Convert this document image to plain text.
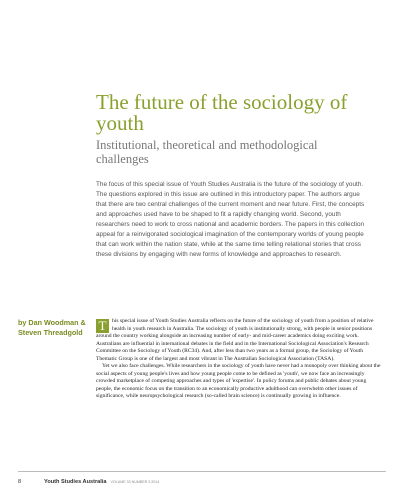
The future of the sociology of youth
Institutional, theoretical and methodological challenges

The focus of this special issue of Youth Studies Australia is the future of the sociology of youth. The questions explored in this issue are outlined in this introductory paper. The authors argue that there are two central challenges of the current moment and near future. First, the concepts and approaches used have to be shaped to fit a rapidly changing world. Second, youth researchers need to work to cross national and academic borders. The papers in this collection appeal for a reinvigorated sociological imagination of the contemporary worlds of young people that can work within the nation state, while at the same time telling relational stories that cross these divisions by engaging with new forms of knowledge and approaches to research.

by Dan Woodman & Steven Threadgold	T his special issue of Youth Studies Australia reflects on the future of the sociology of youth from a position of relative health in youth research in Australia. The sociology of youth is institutionally strong, with people in senior positions around the country working alongside an increasing number of early- and mid-career academics doing exciting work. Australians are influential in international debates in the field and in the International Sociological Association's Research Committee on the Sociology of Youth (RC34). And, after less than two years as a formal group, the Sociology of Youth Thematic Group is one of the largest and most vibrant in The Australian Sociological Association (TASA).

Yet we also face challenges. While researchers in the sociology of youth have never had a monopoly over thinking about the social aspects of young people's lives and how young people come to be defined as 'youth', we now face an increasingly crowded marketplace of competing approaches and types of 'expertise'. In policy forums and public debates about young people, the economic focus on the transition to an economically productive adulthood can overwhelm other issues of significance, while neuropsychological research (so-called brain science) is continually growing in influence.

8	Youth Studies Australia VOLUME 33 NUMBER 3 2014
